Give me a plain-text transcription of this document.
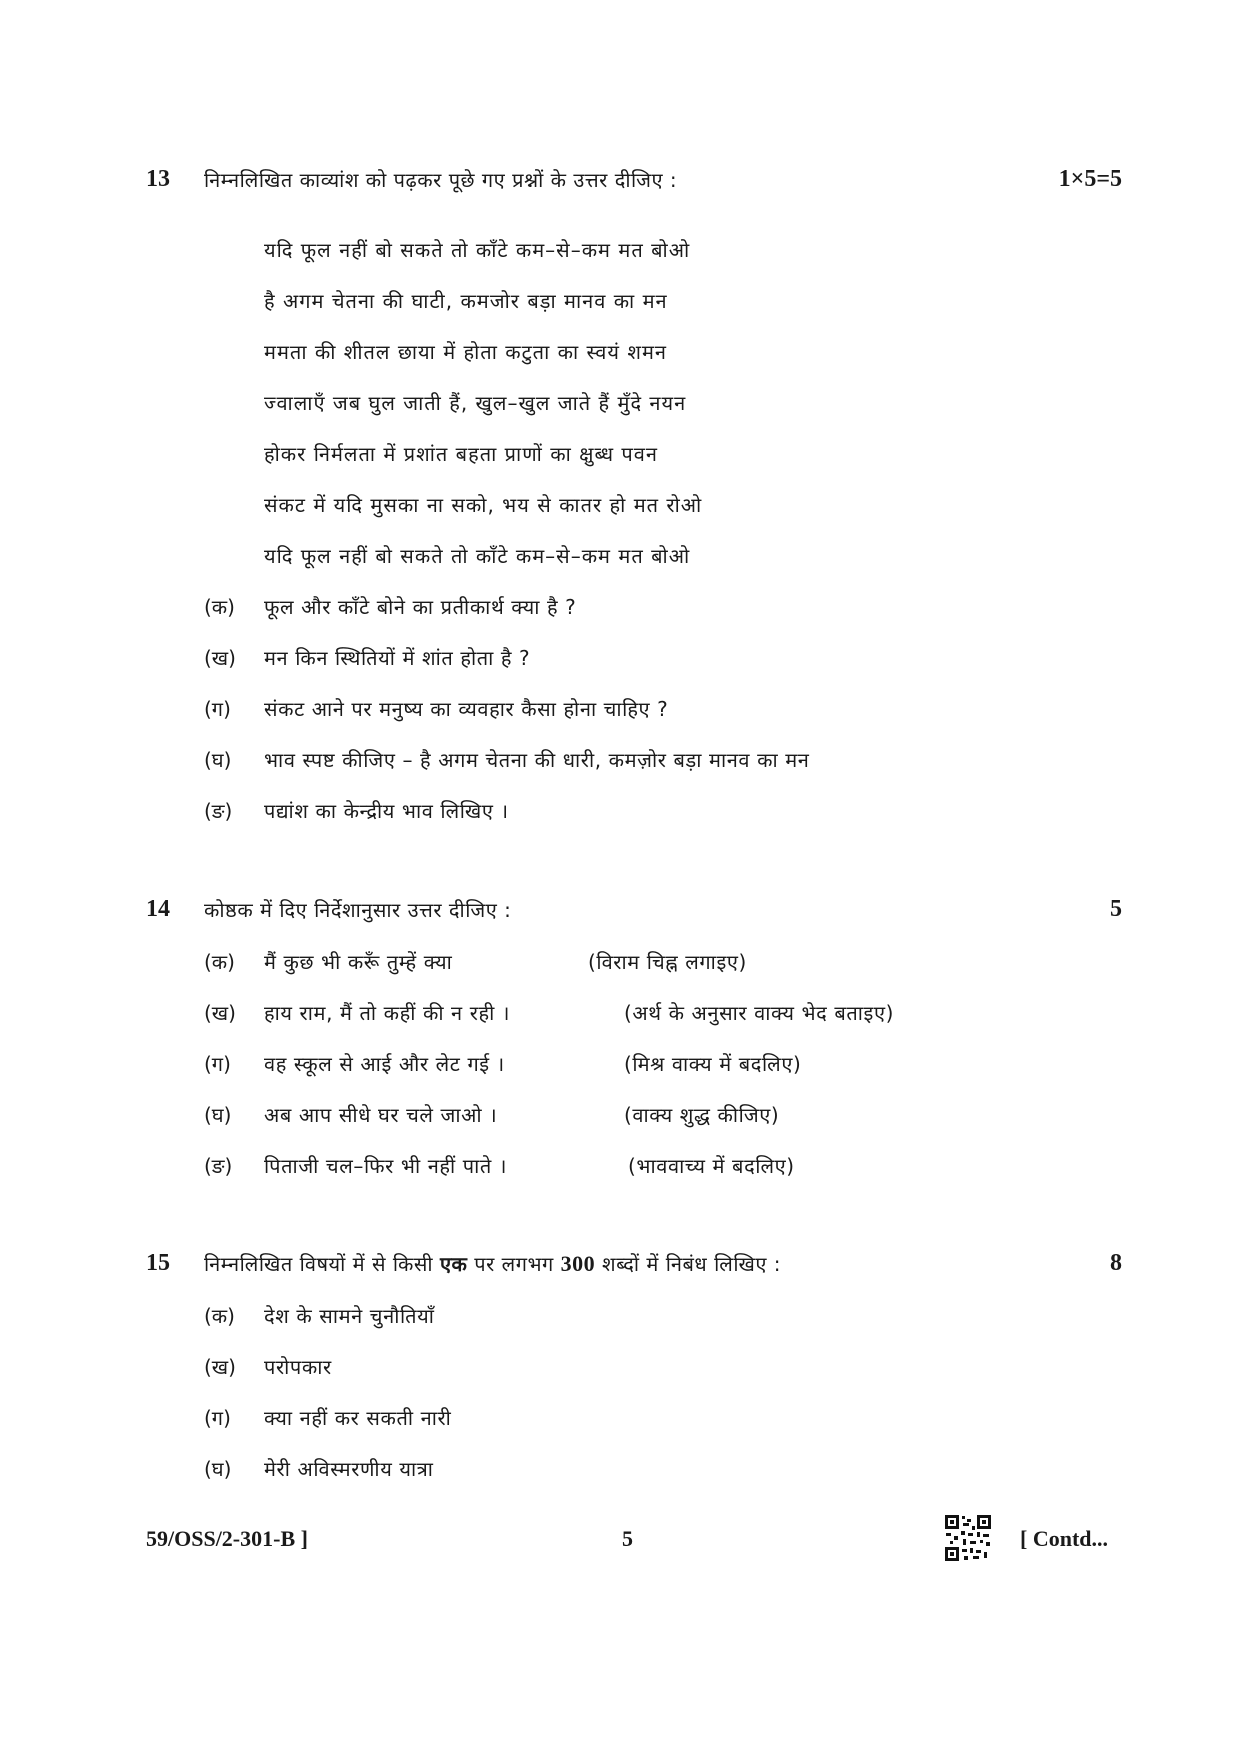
13 निम्नलिखित काव्यांश को पढ़कर पूछे गए प्रश्नों के उत्तर दीजिए :	1×5=5
यदि फूल नहीं बो सकते तो काँटे कम–से–कम मत बोओ
है अगम चेतना की घाटी, कमजोर बड़ा मानव का मन
ममता की शीतल छाया में होता कटुता का स्वयं शमन
ज्वालाएँ जब घुल जाती हैं, खुल–खुल जाते हैं मुँदे नयन
होकर निर्मलता में प्रशांत बहता प्राणों का क्षुब्ध पवन
संकट में यदि मुसका ना सको, भय से कातर हो मत रोओ
यदि फूल नहीं बो सकते तो काँटे कम–से–कम मत बोओ
(क) फूल और काँटे बोने का प्रतीकार्थ क्या है ?
(ख) मन किन स्थितियों में शांत होता है ?
(ग) संकट आने पर मनुष्य का व्यवहार कैसा होना चाहिए ?
(घ) भाव स्पष्ट कीजिए – है अगम चेतना की धारी, कमज़ोर बड़ा मानव का मन
(ङ) पद्यांश का केन्द्रीय भाव लिखिए ।
14 कोष्ठक में दिए निर्देशानुसार उत्तर दीजिए :	5
(क) मैं कुछ भी करूँ तुम्हें क्या	(विराम चिह्न लगाइए)
(ख) हाय राम, मैं तो कहीं की न रही ।	(अर्थ के अनुसार वाक्य भेद बताइए)
(ग) वह स्कूल से आई और लेट गई ।	(मिश्र वाक्य में बदलिए)
(घ) अब आप सीधे घर चले जाओ ।	(वाक्य शुद्ध कीजिए)
(ङ) पिताजी चल–फिर भी नहीं पाते ।	(भाववाच्य में बदलिए)
15 निम्नलिखित विषयों में से किसी एक पर लगभग 300 शब्दों में निबंध लिखिए :	8
(क) देश के सामने चुनौतियाँ
(ख) परोपकार
(ग) क्या नहीं कर सकती नारी
(घ) मेरी अविस्मरणीय यात्रा
59/OSS/2-301-B ]	5	[ Contd...
